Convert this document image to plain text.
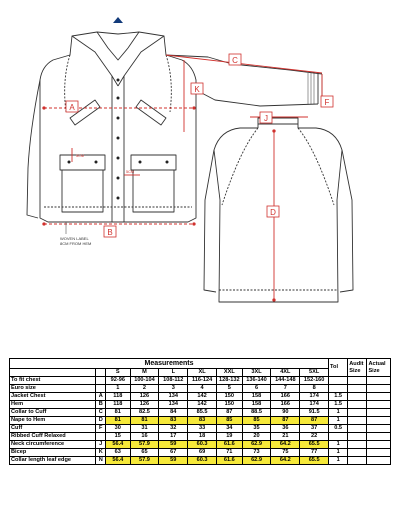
A
B
C
D
F
J
K
5CM
5CM
WOVEN LABEL
8CM FROM HEM
Measurements										Tol	Audit
Size	Actual
Size
		S	M	L	XL	XXL	3XL	4XL	5XL			
To fit chest		92-96	100-104	108-112	116-124	128-132	136-140	144-148	152-160			
Euro size		1	2	3	4	5	6	7	8			
Jacket Chest	A	118	126	134	142	150	158	166	174	1.5		
Hem	B	118	126	134	142	150	158	166	174	1.5		
Collar to Cuff	C	81	82.5	84	85.5	87	88.5	90	91.5	1		
Nape to Hem	D	81	81	83	83	85	85	87	87	1		
Cuff	F	30	31	32	33	34	35	36	37	0.5		
Ribbed Cuff Relaxed		15	16	17	18	19	20	21	22			
Neck circumference	J	56.4	57.9	59	60.3	61.6	62.9	64.2	65.5	1		
Bicep	K	63	65	67	69	71	73	75	77	1		
Collar length leaf edge	N	56.4	57.9	59	60.3	61.6	62.9	64.2	65.5	1		
